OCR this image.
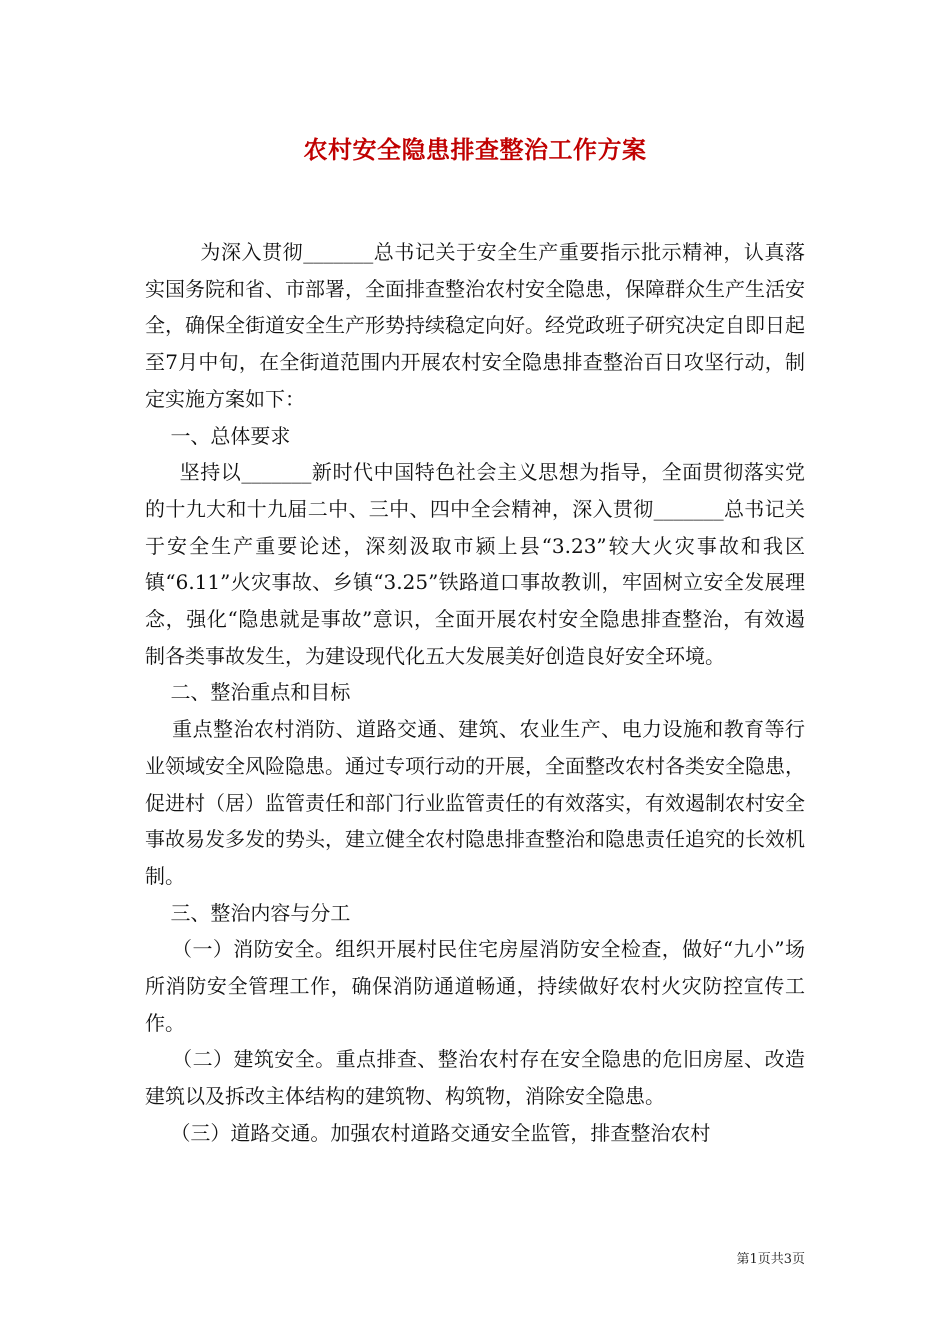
农村安全隐患排查整治工作方案

为深入贯彻_______总书记关于安全生产重要指示批示精神，认真落实国务院和省、市部署，全面排查整治农村安全隐患，保障群众生产生活安全，确保全街道安全生产形势持续稳定向好。经党政班子研究决定自即日起至7月中旬，在全街道范围内开展农村安全隐患排查整治百日攻坚行动，制定实施方案如下：

一、总体要求

坚持以_______新时代中国特色社会主义思想为指导，全面贯彻落实党的十九大和十九届二中、三中、四中全会精神，深入贯彻_______总书记关于安全生产重要论述，深刻汲取市颍上县“3.23”较大火灾事故和我区镇“6.11”火灾事故、乡镇“3.25”铁路道口事故教训，牢固树立安全发展理念，强化“隐患就是事故”意识，全面开展农村安全隐患排查整治，有效遏制各类事故发生，为建设现代化五大发展美好创造良好安全环境。

二、整治重点和目标

重点整治农村消防、道路交通、建筑、农业生产、电力设施和教育等行业领域安全风险隐患。通过专项行动的开展，全面整改农村各类安全隐患，促进村（居）监管责任和部门行业监管责任的有效落实，有效遏制农村安全事故易发多发的势头，建立健全农村隐患排查整治和隐患责任追究的长效机制。

三、整治内容与分工

（一）消防安全。组织开展村民住宅房屋消防安全检查，做好“九小”场所消防安全管理工作，确保消防通道畅通，持续做好农村火灾防控宣传工作。

（二）建筑安全。重点排查、整治农村存在安全隐患的危旧房屋、改造建筑以及拆改主体结构的建筑物、构筑物，消除安全隐患。

（三）道路交通。加强农村道路交通安全监管，排查整治农村

第1页共3页
